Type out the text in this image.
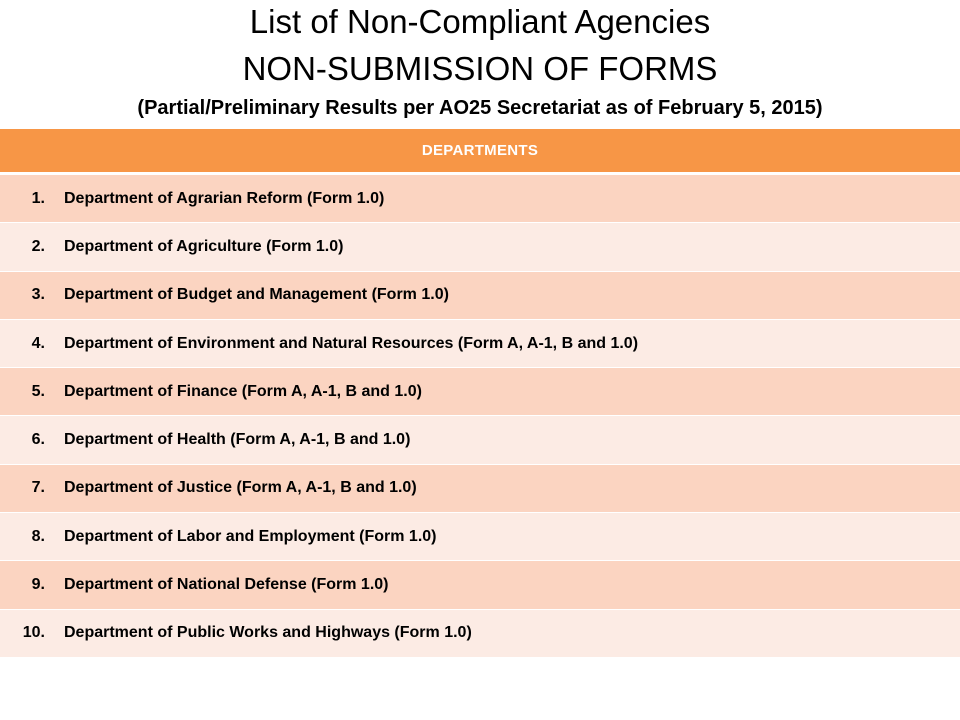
List of Non-Compliant Agencies
NON-SUBMISSION OF FORMS
(Partial/Preliminary Results per AO25 Secretariat as of February 5, 2015)
DEPARTMENTS
1.	Department of Agrarian Reform (Form 1.0)
2.	Department of Agriculture (Form 1.0)
3.	Department of Budget and Management (Form 1.0)
4.	Department of Environment and Natural Resources (Form A, A-1, B and 1.0)
5.	Department of Finance (Form A, A-1, B and 1.0)
6.	Department of Health (Form A, A-1, B and 1.0)
7.	Department of Justice (Form A, A-1, B and 1.0)
8.	Department of Labor and Employment (Form 1.0)
9.	Department of National Defense (Form 1.0)
10.	Department of Public Works and Highways (Form 1.0)
